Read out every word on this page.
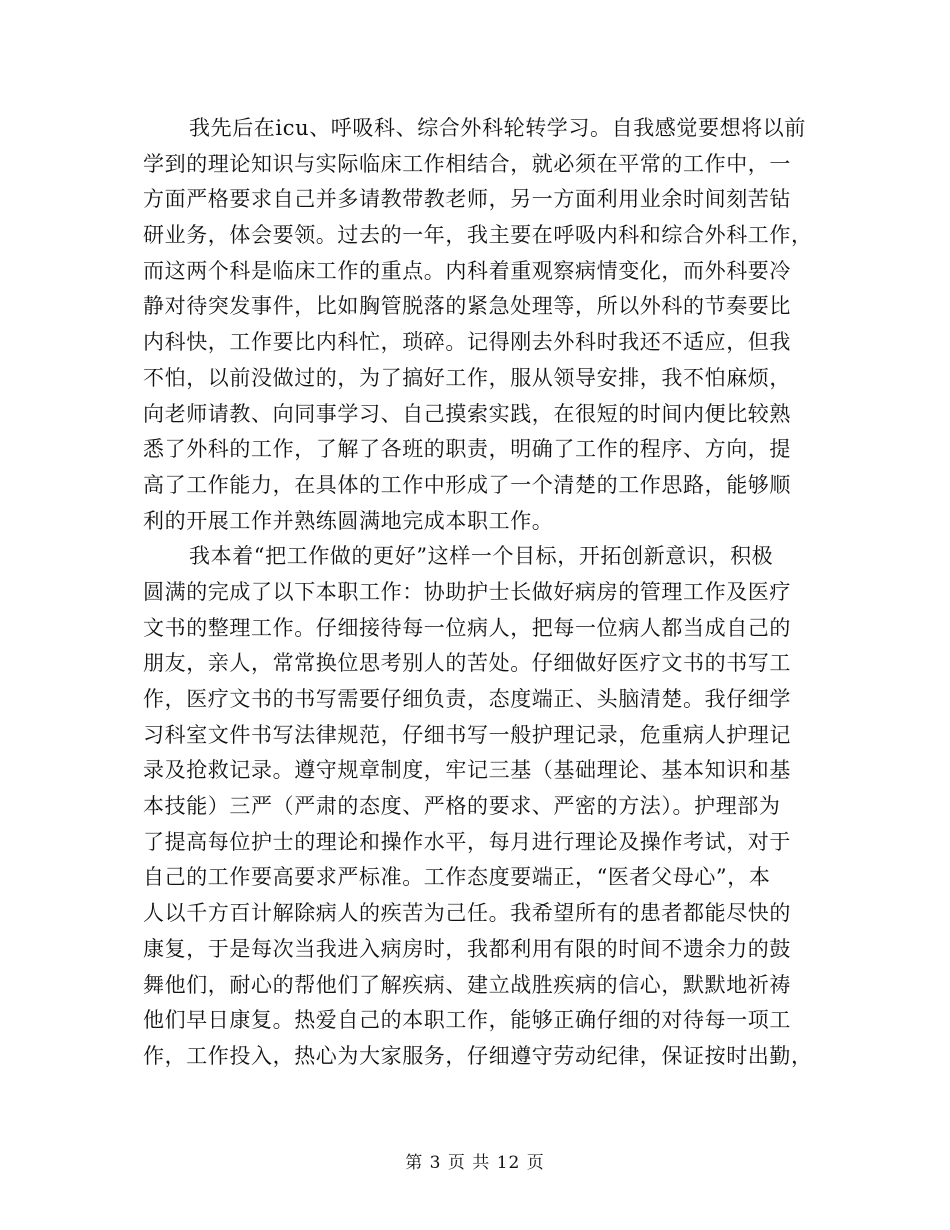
我先后在icu、呼吸科、综合外科轮转学习。自我感觉要想将以前
学到的理论知识与实际临床工作相结合，就必须在平常的工作中，一
方面严格要求自己并多请教带教老师，另一方面利用业余时间刻苦钻
研业务，体会要领。过去的一年，我主要在呼吸内科和综合外科工作，
而这两个科是临床工作的重点。内科着重观察病情变化，而外科要冷
静对待突发事件，比如胸管脱落的紧急处理等，所以外科的节奏要比
内科快，工作要比内科忙，琐碎。记得刚去外科时我还不适应，但我
不怕，以前没做过的，为了搞好工作，服从领导安排，我不怕麻烦，
向老师请教、向同事学习、自己摸索实践，在很短的时间内便比较熟
悉了外科的工作，了解了各班的职责，明确了工作的程序、方向，提
高了工作能力，在具体的工作中形成了一个清楚的工作思路，能够顺
利的开展工作并熟练圆满地完成本职工作。
我本着“把工作做的更好”这样一个目标，开拓创新意识，积极
圆满的完成了以下本职工作：协助护士长做好病房的管理工作及医疗
文书的整理工作。仔细接待每一位病人，把每一位病人都当成自己的
朋友，亲人，常常换位思考别人的苦处。仔细做好医疗文书的书写工
作，医疗文书的书写需要仔细负责，态度端正、头脑清楚。我仔细学
习科室文件书写法律规范，仔细书写一般护理记录，危重病人护理记
录及抢救记录。遵守规章制度，牢记三基（基础理论、基本知识和基
本技能）三严（严肃的态度、严格的要求、严密的方法）。护理部为
了提高每位护士的理论和操作水平，每月进行理论及操作考试，对于
自己的工作要高要求严标准。工作态度要端正，“医者父母心”，本
人以千方百计解除病人的疾苦为己任。我希望所有的患者都能尽快的
康复，于是每次当我进入病房时，我都利用有限的时间不遗余力的鼓
舞他们，耐心的帮他们了解疾病、建立战胜疾病的信心，默默地祈祷
他们早日康复。热爱自己的本职工作，能够正确仔细的对待每一项工
作，工作投入，热心为大家服务，仔细遵守劳动纪律，保证按时出勤，
第 3 页 共 12 页
